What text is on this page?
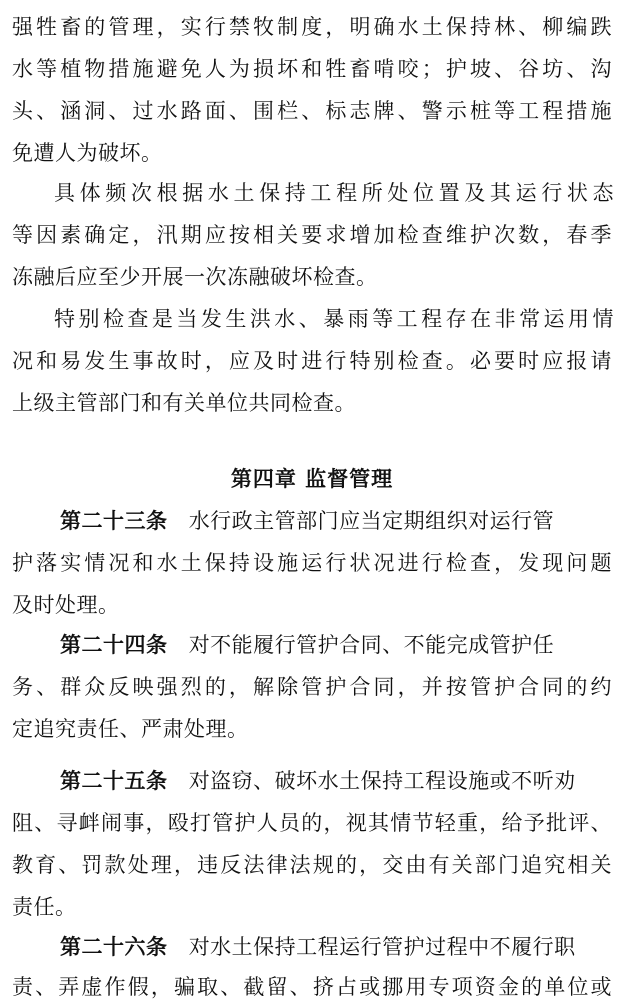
强牲畜的管理，实行禁牧制度，明确水土保持林、柳编跌
水等植物措施避免人为损坏和牲畜啃咬；护坡、谷坊、沟
头、涵洞、过水路面、围栏、标志牌、警示桩等工程措施
免遭人为破坏。
具体频次根据水土保持工程所处位置及其运行状态
等因素确定，汛期应按相关要求增加检查维护次数，春季
冻融后应至少开展一次冻融破坏检查。
特别检查是当发生洪水、暴雨等工程存在非常运用情
况和易发生事故时，应及时进行特别检查。必要时应报请
上级主管部门和有关单位共同检查。
第四章 监督管理
第二十三条 水行政主管部门应当定期组织对运行管
护落实情况和水土保持设施运行状况进行检查，发现问题
及时处理。
第二十四条 对不能履行管护合同、不能完成管护任
务、群众反映强烈的，解除管护合同，并按管护合同的约
定追究责任、严肃处理。
第二十五条 对盗窃、破坏水土保持工程设施或不听劝
阻、寻衅闹事，殴打管护人员的，视其情节轻重，给予批评、
教育、罚款处理，违反法律法规的，交由有关部门追究相关
责任。
第二十六条 对水土保持工程运行管护过程中不履行职
责、弄虚作假，骗取、截留、挤占或挪用专项资金的单位或
